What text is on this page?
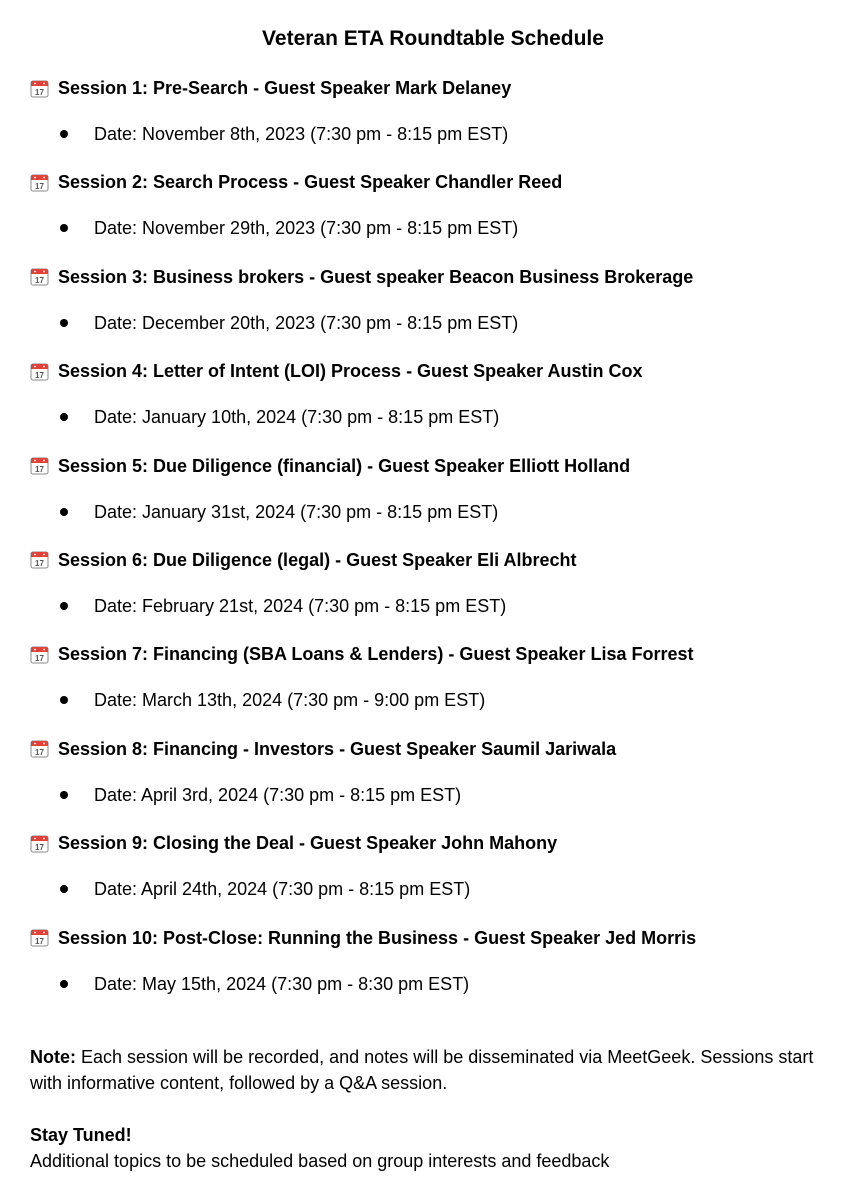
Veteran ETA Roundtable Schedule
17 Session 1: Pre-Search - Guest Speaker Mark Delaney
Date: November 8th, 2023 (7:30 pm - 8:15 pm EST)
17 Session 2: Search Process - Guest Speaker Chandler Reed
Date: November 29th, 2023 (7:30 pm - 8:15 pm EST)
17 Session 3: Business brokers - Guest speaker Beacon Business Brokerage
Date: December 20th, 2023 (7:30 pm - 8:15 pm EST)
17 Session 4: Letter of Intent (LOI) Process - Guest Speaker Austin Cox
Date: January 10th, 2024 (7:30 pm - 8:15 pm EST)
17 Session 5: Due Diligence (financial) - Guest Speaker Elliott Holland
Date: January 31st, 2024 (7:30 pm - 8:15 pm EST)
17 Session 6: Due Diligence (legal) - Guest Speaker Eli Albrecht
Date: February 21st, 2024 (7:30 pm - 8:15 pm EST)
17 Session 7: Financing (SBA Loans & Lenders) - Guest Speaker Lisa Forrest
Date: March 13th, 2024 (7:30 pm - 9:00 pm EST)
17 Session 8: Financing - Investors - Guest Speaker Saumil Jariwala
Date: April 3rd, 2024 (7:30 pm - 8:15 pm EST)
17 Session 9: Closing the Deal - Guest Speaker John Mahony
Date: April 24th, 2024 (7:30 pm - 8:15 pm EST)
17 Session 10: Post-Close: Running the Business - Guest Speaker Jed Morris
Date: May 15th, 2024 (7:30 pm - 8:30 pm EST)
Note: Each session will be recorded, and notes will be disseminated via MeetGeek. Sessions start with informative content, followed by a Q&A session.
Stay Tuned!
Additional topics to be scheduled based on group interests and feedback
